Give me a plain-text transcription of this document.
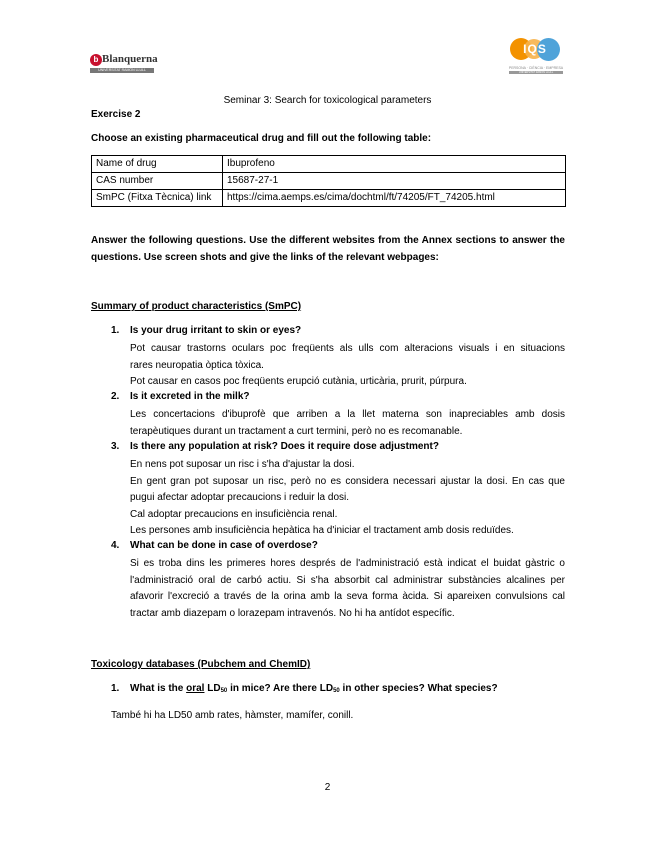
b Blanquerna
UNIVERSITAT RAMON LLULL
IQS
PERSONA · CIÈNCIA · EMPRESA
UNIVERSITAT RAMON LLULL
Seminar 3: Search for toxicological parameters
Exercise 2
Choose an existing pharmaceutical drug and fill out the following table:
Name of drug	Ibuprofeno
CAS number	15687-27-1
SmPC (Fitxa Tècnica) link	https://cima.aemps.es/cima/dochtml/ft/74205/FT_74205.html
Answer the following questions. Use the different websites from the Annex sections to answer the questions. Use screen shots and give the links of the relevant webpages:
Summary of product characteristics (SmPC)
1. Is your drug irritant to skin or eyes?

Pot causar trastorns oculars poc freqüents als ulls com alteracions visuals i en situacions

rares neuropatia òptica tòxica.

Pot causar en casos poc freqüents erupció cutània, urticària, prurit, púrpura.

2. Is it excreted in the milk?

Les concertacions d'ibuprofè que arriben a la llet materna son inapreciables amb dosis

terapèutiques durant un tractament a curt termini, però no es recomanable.

3. Is there any population at risk? Does it require dose adjustment?

En nens pot suposar un risc i s'ha d'ajustar la dosi.

En gent gran pot suposar un risc, però no es considera necessari ajustar la dosi. En cas que

pugui afectar adoptar precaucions i reduir la dosi.

Cal adoptar precaucions en insuficiència renal.

Les persones amb insuficiència hepàtica ha d'iniciar el tractament amb dosis reduïdes.

4. What can be done in case of overdose?

Si es troba dins les primeres hores després de l'administració està indicat el buidat gàstric o

l'administració oral de carbó actiu. Si s'ha absorbit cal administrar substàncies alcalines per

afavorir l'excreció a través de la orina amb la seva forma àcida. Si apareixen convulsions cal

tractar amb diazepam o lorazepam intravenós. No hi ha antídot específic.

Toxicology databases (Pubchem and ChemID)
1. What is the oral $LD_{50}$ in mice? Are there $LD_{50}$ in other species? What species?
També hi ha LD50 amb rates, hàmster, mamífer, conill.
2
